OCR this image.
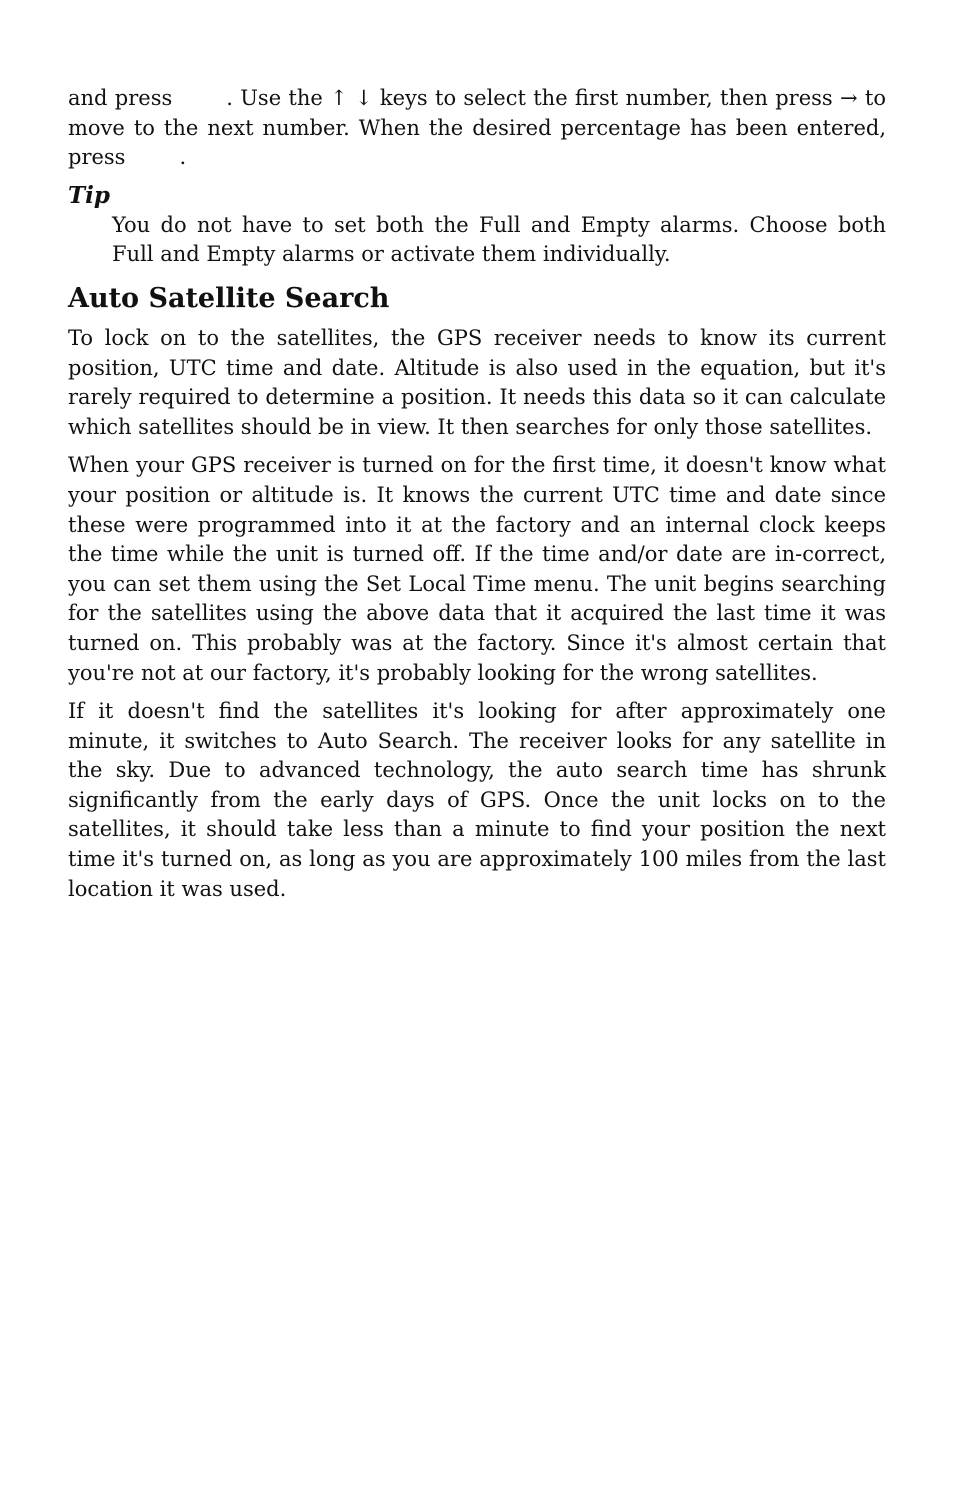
and press	. Use the ↑ ↓ keys to select the first number, then press → to move to the next number. When the desired percentage has been entered, press	.

Tip

You do not have to set both the Full and Empty alarms. Choose both Full and Empty alarms or activate them individually.

Auto Satellite Search

To lock on to the satellites, the GPS receiver needs to know its current position, UTC time and date. Altitude is also used in the equation, but it's rarely required to determine a position. It needs this data so it can calculate which satellites should be in view. It then searches for only those satellites.

When your GPS receiver is turned on for the first time, it doesn't know what your position or altitude is. It knows the current UTC time and date since these were programmed into it at the factory and an internal clock keeps the time while the unit is turned off. If the time and/or date are in-correct, you can set them using the Set Local Time menu. The unit begins searching for the satellites using the above data that it acquired the last time it was turned on. This probably was at the factory. Since it's almost certain that you're not at our factory, it's probably looking for the wrong satellites.

If it doesn't find the satellites it's looking for after approximately one minute, it switches to Auto Search. The receiver looks for any satellite in the sky. Due to advanced technology, the auto search time has shrunk significantly from the early days of GPS. Once the unit locks on to the satellites, it should take less than a minute to find your position the next time it's turned on, as long as you are approximately 100 miles from the last location it was used.
